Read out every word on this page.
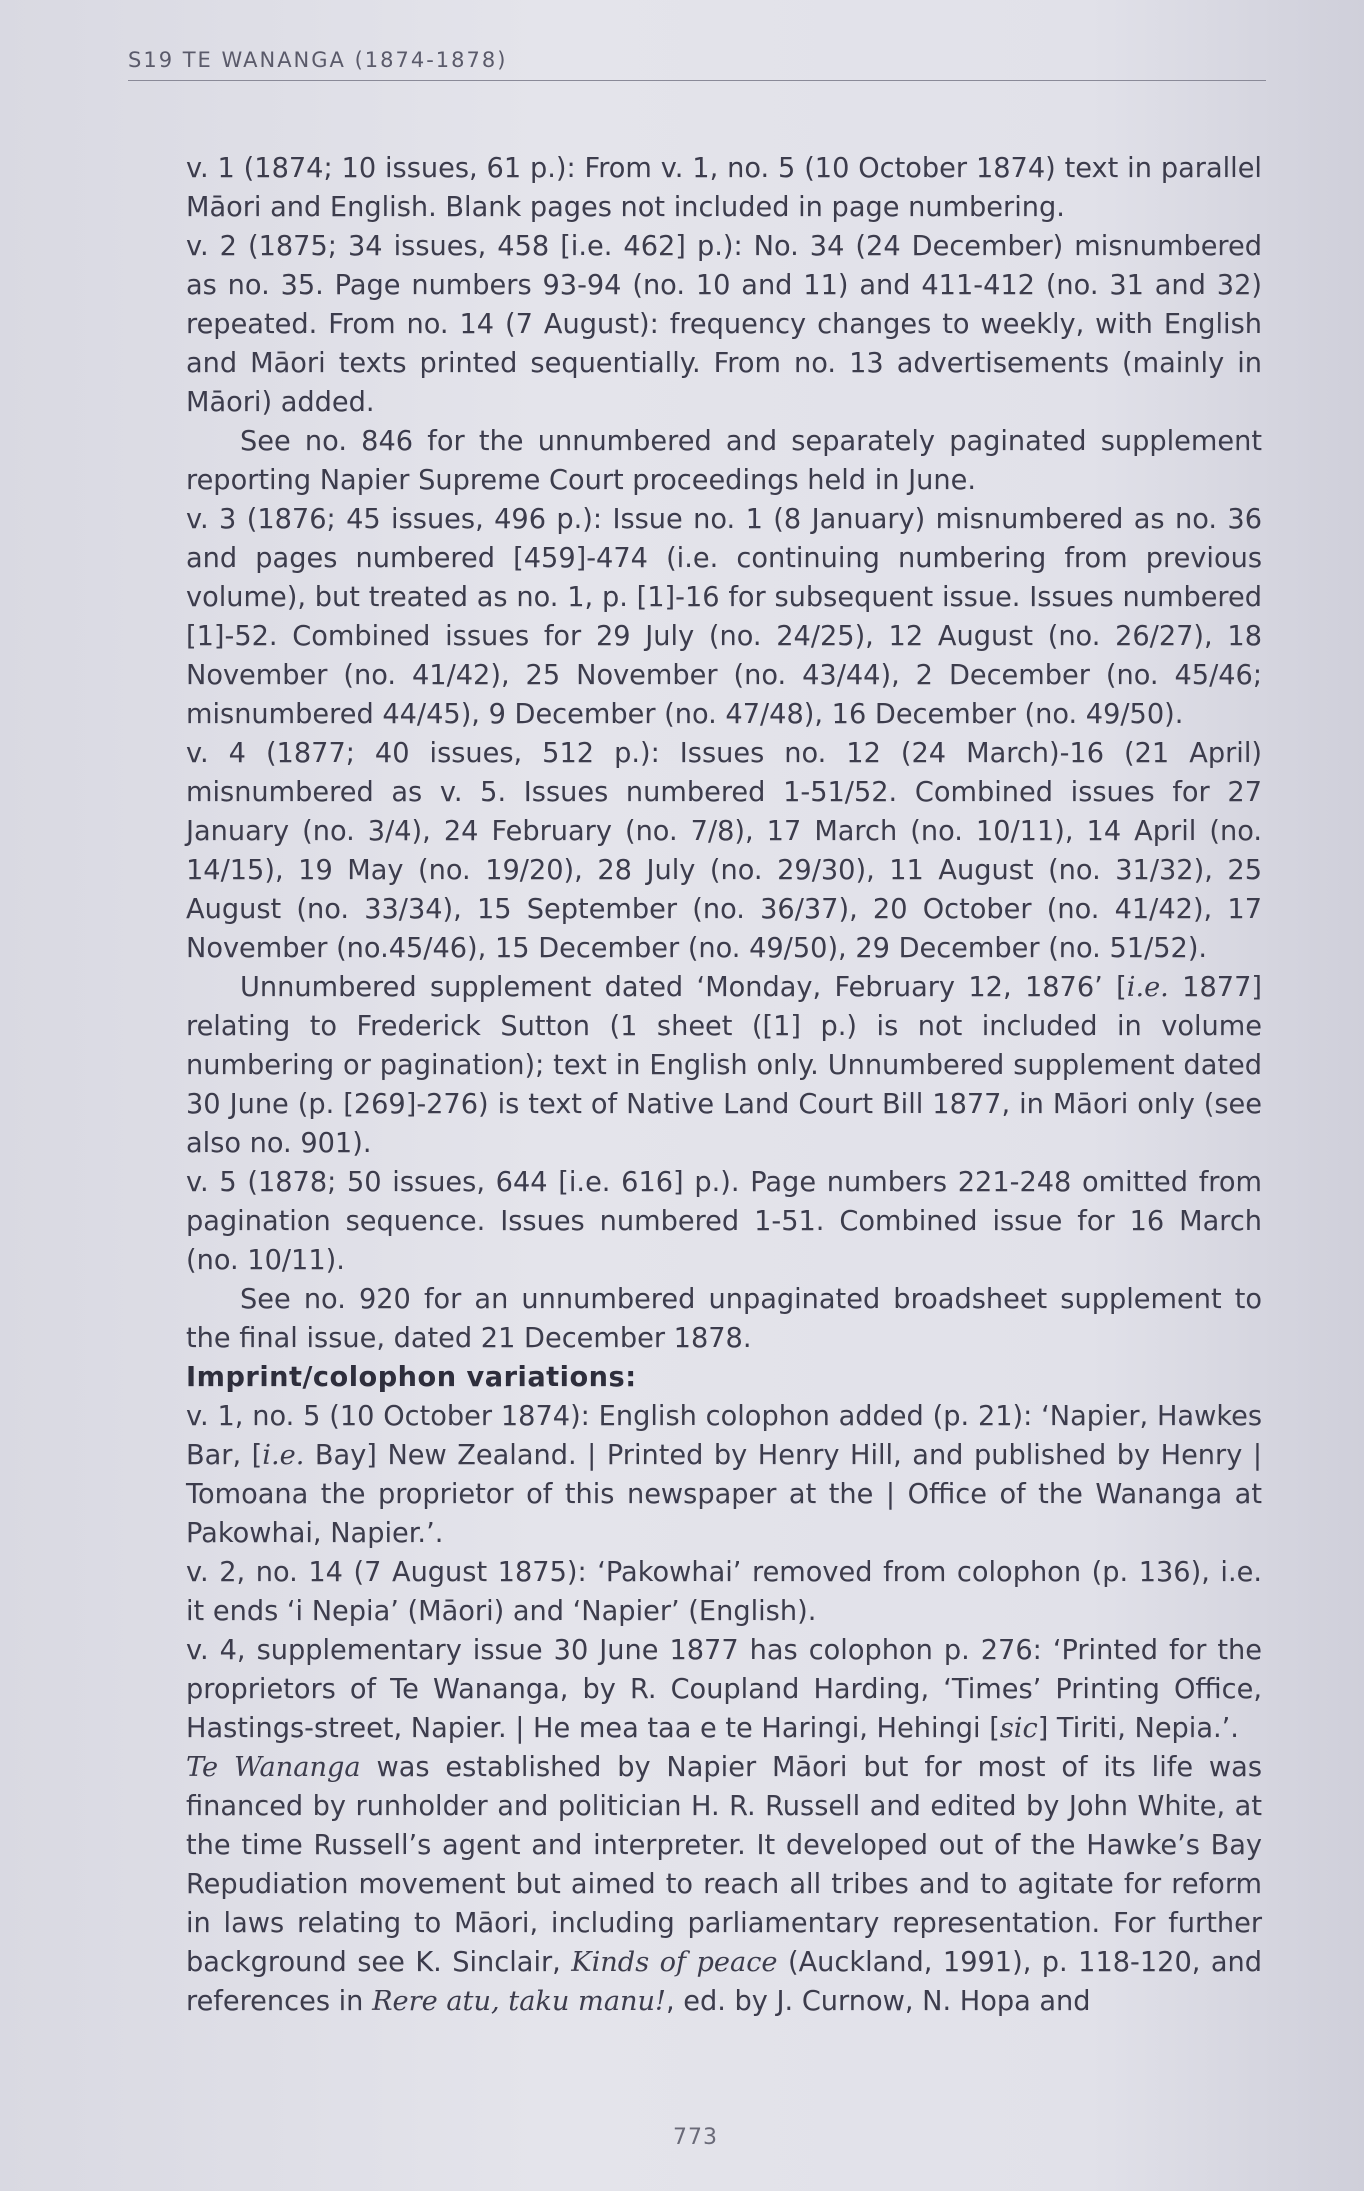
S19 TE WANANGA (1874-1878)

v. 1 (1874; 10 issues, 61 p.): From v. 1, no. 5 (10 October 1874) text in parallel Māori and English. Blank pages not included in page numbering.

v. 2 (1875; 34 issues, 458 [i.e. 462] p.): No. 34 (24 December) misnumbered as no. 35. Page numbers 93-94 (no. 10 and 11) and 411-412 (no. 31 and 32) repeated. From no. 14 (7 August): frequency changes to weekly, with English and Māori texts printed sequentially. From no. 13 advertisements (mainly in Māori) added.

See no. 846 for the unnumbered and separately paginated supplement reporting Napier Supreme Court proceedings held in June.

v. 3 (1876; 45 issues, 496 p.): Issue no. 1 (8 January) misnumbered as no. 36 and pages numbered [459]-474 (i.e. continuing numbering from previous volume), but treated as no. 1, p. [1]-16 for subsequent issue. Issues numbered [1]-52. Combined issues for 29 July (no. 24/25), 12 August (no. 26/27), 18 November (no. 41/42), 25 November (no. 43/44), 2 December (no. 45/46; misnumbered 44/45), 9 December (no. 47/48), 16 December (no. 49/50).

v. 4 (1877; 40 issues, 512 p.): Issues no. 12 (24 March)-16 (21 April) misnumbered as v. 5. Issues numbered 1-51/52. Combined issues for 27 January (no. 3/4), 24 February (no. 7/8), 17 March (no. 10/11), 14 April (no. 14/15), 19 May (no. 19/20), 28 July (no. 29/30), 11 August (no. 31/32), 25 August (no. 33/34), 15 September (no. 36/37), 20 October (no. 41/42), 17 November (no.45/46), 15 December (no. 49/50), 29 December (no. 51/52).

Unnumbered supplement dated ‘Monday, February 12, 1876’ [i.e. 1877] relating to Frederick Sutton (1 sheet ([1] p.) is not included in volume numbering or pagination); text in English only. Unnumbered supplement dated 30 June (p. [269]-276) is text of Native Land Court Bill 1877, in Māori only (see also no. 901).

v. 5 (1878; 50 issues, 644 [i.e. 616] p.). Page numbers 221-248 omitted from pagination sequence. Issues numbered 1-51. Combined issue for 16 March (no. 10/11).

See no. 920 for an unnumbered unpaginated broadsheet supplement to the final issue, dated 21 December 1878.

Imprint/colophon variations:

v. 1, no. 5 (10 October 1874): English colophon added (p. 21): ‘Napier, Hawkes Bar, [i.e. Bay] New Zealand. | Printed by Henry Hill, and published by Henry | Tomoana the proprietor of this newspaper at the | Office of the Wananga at Pakowhai, Napier.’.

v. 2, no. 14 (7 August 1875): ‘Pakowhai’ removed from colophon (p. 136), i.e. it ends ‘i Nepia’ (Māori) and ‘Napier’ (English).

v. 4, supplementary issue 30 June 1877 has colophon p. 276: ‘Printed for the proprietors of Te Wananga, by R. Coupland Harding, ‘Times’ Printing Office, Hastings-street, Napier. | He mea taa e te Haringi, Hehingi [sic] Tiriti, Nepia.’.

Te Wananga was established by Napier Māori but for most of its life was financed by runholder and politician H. R. Russell and edited by John White, at the time Russell’s agent and interpreter. It developed out of the Hawke’s Bay Repudiation movement but aimed to reach all tribes and to agitate for reform in laws relating to Māori, including parliamentary representation. For further background see K. Sinclair, Kinds of peace (Auckland, 1991), p. 118-120, and references in Rere atu, taku manu!, ed. by J. Curnow, N. Hopa and

773
